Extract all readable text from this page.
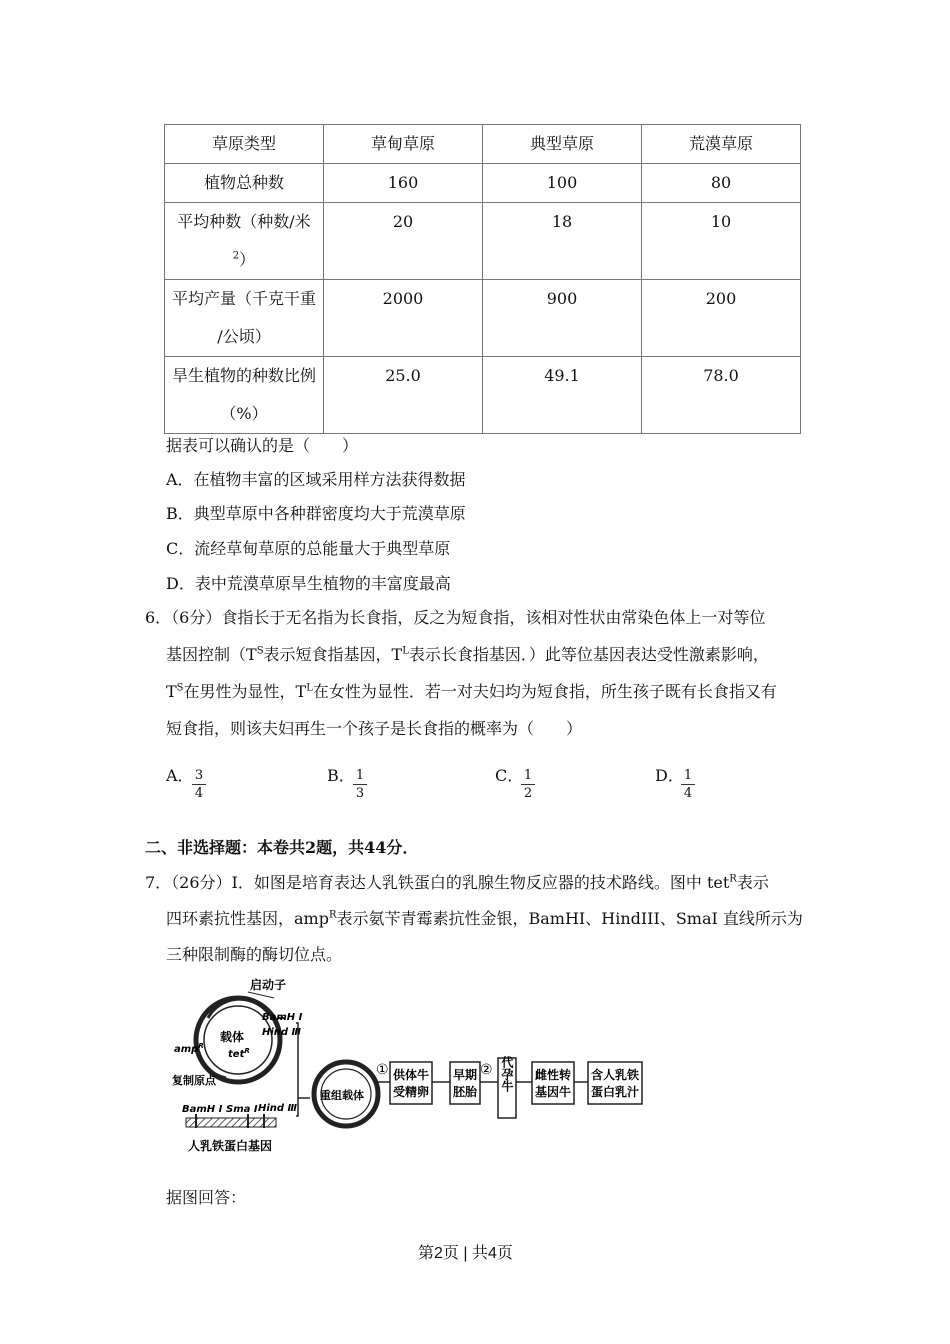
草原类型	草甸草原	典型草原	荒漠草原
植物总种数	160	100	80

平均种数（种数/米
$^2$）	20	18	10

平均产量（千克干重
/公顷）	2000	900	200

旱生植物的种数比例
（%）	25.0	49.1	78.0
据表可以确认的是（　　）
A．在植物丰富的区域采用样方法获得数据
B．典型草原中各种群密度均大于荒漠草原
C．流经草甸草原的总能量大于典型草原
D．表中荒漠草原旱生植物的丰富度最高
6．（6分）食指长于无名指为长食指，反之为短食指，该相对性状由常染色体上一对等位
基因控制（$T^S$表示短食指基因，$T^L$表示长食指基因．）此等位基因表达受性激素影响，
$T^S$在男性为显性，$T^L$在女性为显性．若一对夫妇均为短食指，所生孩子既有长食指又有
短食指，则该夫妇再生一个孩子是长食指的概率为（　　）
A．
$\frac{3}{4}$	B．
$\frac{1}{3}$	C．
$\frac{1}{2}$	D．
$\frac{1}{4}$
二、非选择题：本卷共2题，共44分．
7．（26分）Ⅰ．如图是培育表达人乳铁蛋白的乳腺生物反应器的技术路线。图中 tet$^R$表示
四环素抗性基因，amp$^R$表示氨苄青霉素抗性金银，BamHI、HindIII、SmaI 直线所示为
三种限制酶的酶切位点。
载体
tet$^R$
启动子
BamH Ⅰ
Hind Ⅲ
amp$^R$
复制原点
BamH Ⅰ Sma Ⅰ Hind Ⅲ
人乳铁蛋白基因
重组载体
① 供体牛
受精卵
早期
胚胎
② 代孕牛 雌性转
基因牛
含人乳铁
蛋白乳汁
据图回答：
第2页 | 共4页
